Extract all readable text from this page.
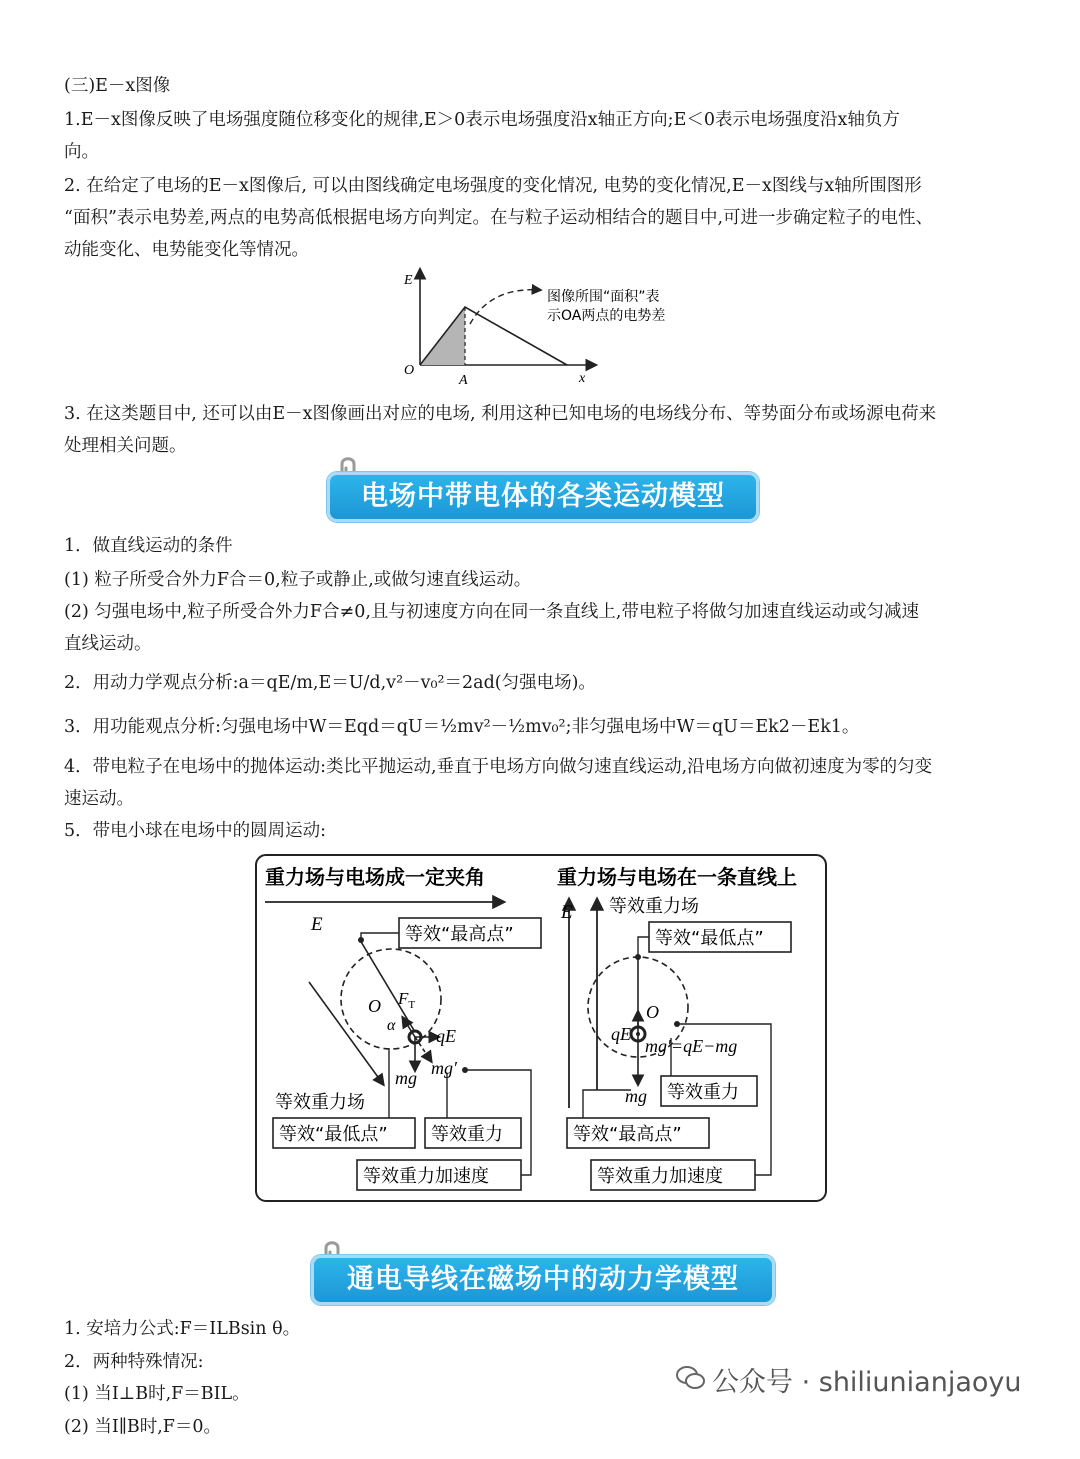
(三)E－x图像
1.E－x图像反映了电场强度随位移变化的规律,E＞0表示电场强度沿x轴正方向;E＜0表示电场强度沿x轴负方
向。
2. 在给定了电场的E－x图像后, 可以由图线确定电场强度的变化情况, 电势的变化情况,E－x图线与x轴所围图形
“面积”表示电势差,两点的电势高低根据电场方向判定。在与粒子运动相结合的题目中,可进一步确定粒子的电性、
动能变化、电势能变化等情况。
E
O
A	x
图像所围“面积”表
示OA两点的电势差
3. 在这类题目中, 还可以由E－x图像画出对应的电场, 利用这种已知电场的电场线分布、等势面分布或场源电荷来
处理相关问题。
电场中带电体的各类运动模型
1．做直线运动的条件
(1) 粒子所受合外力F合＝0,粒子或静止,或做匀速直线运动。
(2) 匀强电场中,粒子所受合外力F合≠0,且与初速度方向在同一条直线上,带电粒子将做匀加速直线运动或匀减速
直线运动。
2．用动力学观点分析:a＝qE/m,E＝U/d,v²－v₀²＝2ad(匀强电场)。
3．用功能观点分析:匀强电场中W＝Eqd＝qU＝½mv²－½mv₀²;非匀强电场中W＝qU＝Ek2－Ek1。
4．带电粒子在电场中的抛体运动:类比平抛运动,垂直于电场方向做匀速直线运动,沿电场方向做初速度为零的匀变
速运动。
5．带电小球在电场中的圆周运动:
重力场与电场成一定夹角
E
O $F_T$
α
qE
mg mg′
等效“最高点”
等效重力场
等效“最低点” 等效重力
等效重力加速度
重力场与电场在一条直线上
E 等效重力场
O
qE
mg
mg′=qE−mg
等效“最低点”
等效重力
等效“最高点”
等效重力加速度
通电导线在磁场中的动力学模型
1. 安培力公式:F＝ILBsin θ。
2．两种特殊情况:
(1) 当I⊥B时,F＝BIL。
(2) 当I∥B时,F＝0。
公众号 · shiliunianjaoyu
